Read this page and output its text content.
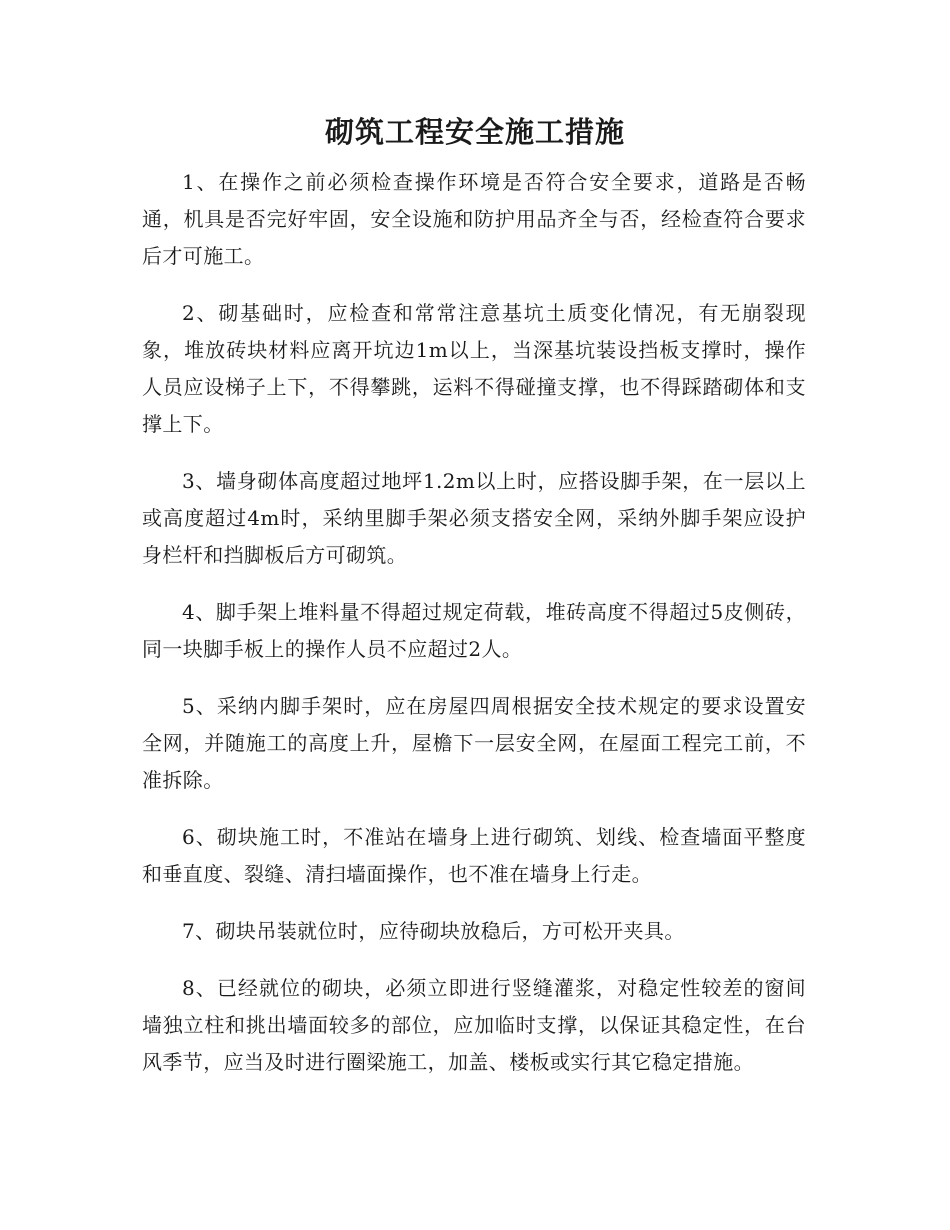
砌筑工程安全施工措施

1、在操作之前必须检查操作环境是否符合安全要求，道路是否畅通，机具是否完好牢固，安全设施和防护用品齐全与否，经检查符合要求后才可施工。

2、砌基础时，应检查和常常注意基坑土质变化情况，有无崩裂现象，堆放砖块材料应离开坑边1m以上，当深基坑装设挡板支撑时，操作人员应设梯子上下，不得攀跳，运料不得碰撞支撑，也不得踩踏砌体和支撑上下。

3、墙身砌体高度超过地坪1.2m以上时，应搭设脚手架，在一层以上或高度超过4m时，采纳里脚手架必须支搭安全网，采纳外脚手架应设护身栏杆和挡脚板后方可砌筑。

4、脚手架上堆料量不得超过规定荷载，堆砖高度不得超过5皮侧砖，同一块脚手板上的操作人员不应超过2人。

5、采纳内脚手架时，应在房屋四周根据安全技术规定的要求设置安全网，并随施工的高度上升，屋檐下一层安全网，在屋面工程完工前，不准拆除。

6、砌块施工时，不准站在墙身上进行砌筑、划线、检查墙面平整度和垂直度、裂缝、清扫墙面操作，也不准在墙身上行走。

7、砌块吊装就位时，应待砌块放稳后，方可松开夹具。

8、已经就位的砌块，必须立即进行竖缝灌浆，对稳定性较差的窗间墙独立柱和挑出墙面较多的部位，应加临时支撑，以保证其稳定性，在台风季节，应当及时进行圈梁施工，加盖、楼板或实行其它稳定措施。
